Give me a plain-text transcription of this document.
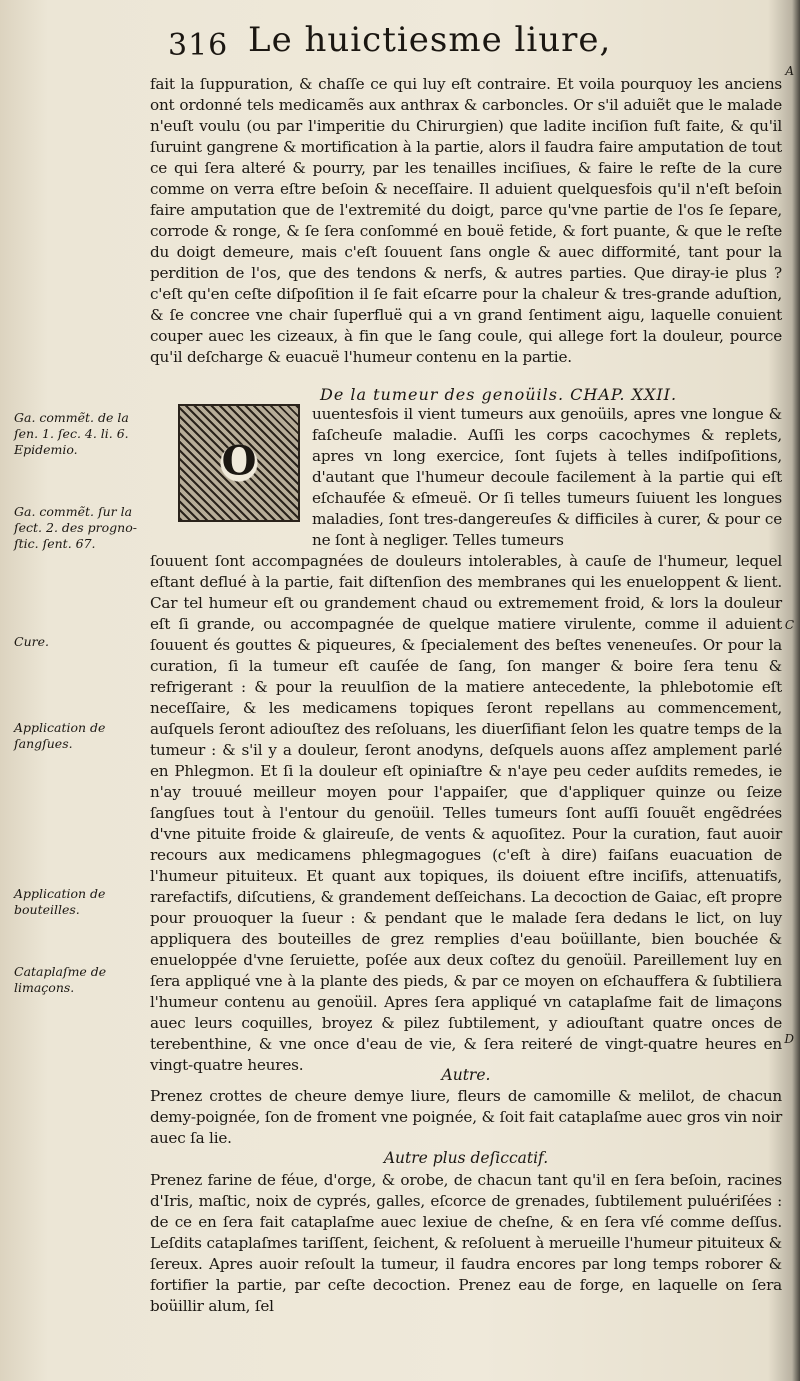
316 Le huictiesme liure,
A
C
D
fait la ſuppuration, & chaſſe ce qui luy eſt contraire. Et voila pourquoy les anciens ont ordonné tels medicamẽs aux anthrax & carboncles. Or s'il aduiẽt que le malade n'euſt voulu (ou par l'imperitie du Chirurgien) que ladite inciſion fuſt faite, & qu'il ſuruint gangrene & mortification à la partie, alors il faudra faire amputation de tout ce qui ſera alteré & pourry, par les tenailles inciſiues, & faire le reſte de la cure comme on verra eſtre beſoin & neceſſaire. Il aduient quelquesfois qu'il n'eſt beſoin faire amputation que de l'extremité du doigt, parce qu'vne partie de l'os ſe ſepare, corrode & ronge, & ſe ſera conſommé en bouë fetide, & fort puante, & que le reſte du doigt demeure, mais c'eſt ſouuent ſans ongle & auec difformité, tant pour la perdition de l'os, que des tendons & nerfs, & autres parties. Que diray-ie plus ? c'eſt qu'en ceſte diſpoſition il ſe fait eſcarre pour la chaleur & tres-grande aduſtion, & ſe concree vne chair ſuperfluë qui a vn grand ſentiment aigu, laquelle conuient couper auec les cizeaux, à fin que le ſang coule, qui allege fort la douleur, pource qu'il deſcharge & euacuë l'humeur contenu en la partie.
De la tumeur des genoüils. CHAP. XXII.
O
uuentesfois il vient tumeurs aux genoüils, apres vne longue & faſcheuſe maladie. Auſſi les corps cacochymes & replets, apres vn long exercice, ſont ſujets à telles indiſpoſitions, d'autant que l'humeur decoule facilement à la partie qui eſt eſchaufée & eſmeuë. Or ſi telles tumeurs ſuiuent les longues maladies, ſont tres-dangereuſes & difficiles à curer, & pour ce ne ſont à negliger. Telles tumeurs
ſouuent ſont accompagnées de douleurs intolerables, à cauſe de l'humeur, lequel eſtant deflué à la partie, fait diſtenſion des membranes qui les enueloppent & lient. Car tel humeur eſt ou grandement chaud ou extremement froid, & lors la douleur eſt ſi grande, ou accompagnée de quelque matiere virulente, comme il aduient ſouuent és gouttes & piqueures, & ſpecialement des beſtes veneneuſes. Or pour la curation, ſi la tumeur eſt cauſée de ſang, ſon manger & boire ſera tenu & refrigerant : & pour la reuulſion de la matiere antecedente, la phlebotomie eſt neceſſaire, & les medicamens topiques ſeront repellans au commencement, auſquels ſeront adiouſtez des reſoluans, les diuerſifiant ſelon les quatre temps de la tumeur : & s'il y a douleur, ſeront anodyns, deſquels auons aſſez amplement parlé en Phlegmon. Et ſi la douleur eſt opiniaſtre & n'aye peu ceder auſdits remedes, ie n'ay trouué meilleur moyen pour l'appaiſer, que d'appliquer quinze ou ſeize ſangſues tout à l'entour du genoüil. Telles tumeurs ſont auſſi ſouuẽt engẽdrées d'vne pituite froide & glaireuſe, de vents & aquoſitez. Pour la curation, faut auoir recours aux medicamens phlegmagogues (c'eſt à dire) faiſans euacuation de l'humeur pituiteux. Et quant aux topiques, ils doiuent eſtre inciſifs, attenuatifs, rarefactifs, diſcutiens, & grandement deſſeichans. La decoction de Gaiac, eſt propre pour prouoquer la ſueur : & pendant que le malade ſera dedans le lict, on luy appliquera des bouteilles de grez remplies d'eau boüillante, bien bouchée & enueloppée d'vne ſeruiette, poſée aux deux coſtez du genoüil. Pareillement luy en ſera appliqué vne à la plante des pieds, & par ce moyen on eſchauffera & ſubtiliera l'humeur contenu au genoüil. Apres ſera appliqué vn cataplaſme fait de limaçons auec leurs coquilles, broyez & pilez ſubtilement, y adiouſtant quatre onces de terebenthine, & vne once d'eau de vie, & ſera reiteré de vingt-quatre heures en vingt-quatre heures.
Ga. commẽt. de la ſen. 1. ſec. 4. li. 6. Epidemio.
Ga. commẽt. ſur la ſect. 2. des progno-ſtic. ſent. 67.
Cure.
Application de ſangſues.
Application de bouteilles.
Cataplaſme de limaçons.
Autre.
Prenez crottes de cheure demye liure, fleurs de camomille & melilot, de chacun demy-poignée, ſon de froment vne poignée, & ſoit fait cataplaſme auec gros vin noir auec ſa lie.
Autre plus deſiccatif.
Prenez farine de féue, d'orge, & orobe, de chacun tant qu'il en ſera beſoin, racines d'Iris, maſtic, noix de cyprés, galles, eſcorce de grenades, ſubtilement puluériſées : de ce en ſera fait cataplaſme auec lexiue de cheſne, & en ſera vſé comme deſſus. Leſdits cataplaſmes tariſſent, ſeichent, & reſoluent à merueille l'humeur pituiteux & ſereux. Apres auoir reſoult la tumeur, il faudra encores par long temps roborer & fortifier la partie, par ceſte decoction. Prenez eau de forge, en laquelle on ſera boüillir alum, ſel
